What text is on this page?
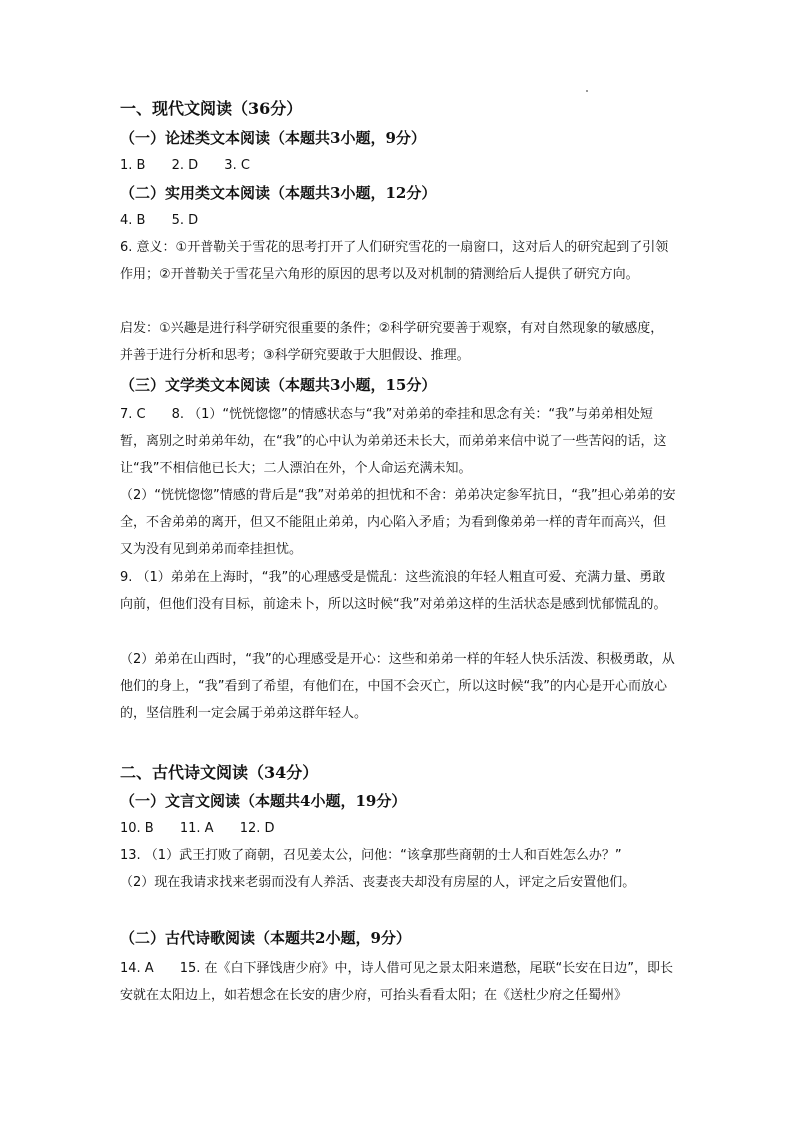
一、现代文阅读（36分）
（一）论述类文本阅读（本题共3小题，9分）
1. B 2. D 3. C
（二）实用类文本阅读（本题共3小题，12分）
4. B 5. D
6. 意义：①开普勒关于雪花的思考打开了人们研究雪花的一扇窗口，这对后人的研究起到了引领作用；②开普勒关于雪花呈六角形的原因的思考以及对机制的猜测给后人提供了研究方向。
启发：①兴趣是进行科学研究很重要的条件；②科学研究要善于观察，有对自然现象的敏感度，并善于进行分析和思考；③科学研究要敢于大胆假设、推理。
（三）文学类文本阅读（本题共3小题，15分）
7. C　　8. （1）“恍恍惚惚”的情感状态与“我”对弟弟的牵挂和思念有关：“我”与弟弟相处短暂，离别之时弟弟年幼，在“我”的心中认为弟弟还未长大，而弟弟来信中说了一些苦闷的话，这让“我”不相信他已长大；二人漂泊在外，个人命运充满未知。
（2）“恍恍惚惚”情感的背后是“我”对弟弟的担忧和不舍：弟弟决定参军抗日，“我”担心弟弟的安全，不舍弟弟的离开，但又不能阻止弟弟，内心陷入矛盾；为看到像弟弟一样的青年而高兴，但又为没有见到弟弟而牵挂担忧。
9. （1）弟弟在上海时，“我”的心理感受是慌乱：这些流浪的年轻人粗直可爱、充满力量、勇敢向前，但他们没有目标，前途未卜，所以这时候“我”对弟弟这样的生活状态是感到忧郁慌乱的。
（2）弟弟在山西时，“我”的心理感受是开心：这些和弟弟一样的年轻人快乐活泼、积极勇敢，从他们的身上，“我”看到了希望，有他们在，中国不会灭亡，所以这时候“我”的内心是开心而放心的，坚信胜利一定会属于弟弟这群年轻人。
二、古代诗文阅读（34分）
（一）文言文阅读（本题共4小题，19分）
10. B 11. A 12. D
13. （1）武王打败了商朝，召见姜太公，问他：“该拿那些商朝的士人和百姓怎么办？”
（2）现在我请求找来老弱而没有人养活、丧妻丧夫却没有房屋的人，评定之后安置他们。
（二）古代诗歌阅读（本题共2小题，9分）
14. A　　15. 在《白下驿饯唐少府》中，诗人借可见之景太阳来遣愁，尾联“长安在日边”，即长安就在太阳边上，如若想念在长安的唐少府，可抬头看看太阳；在《送杜少府之任蜀州》
